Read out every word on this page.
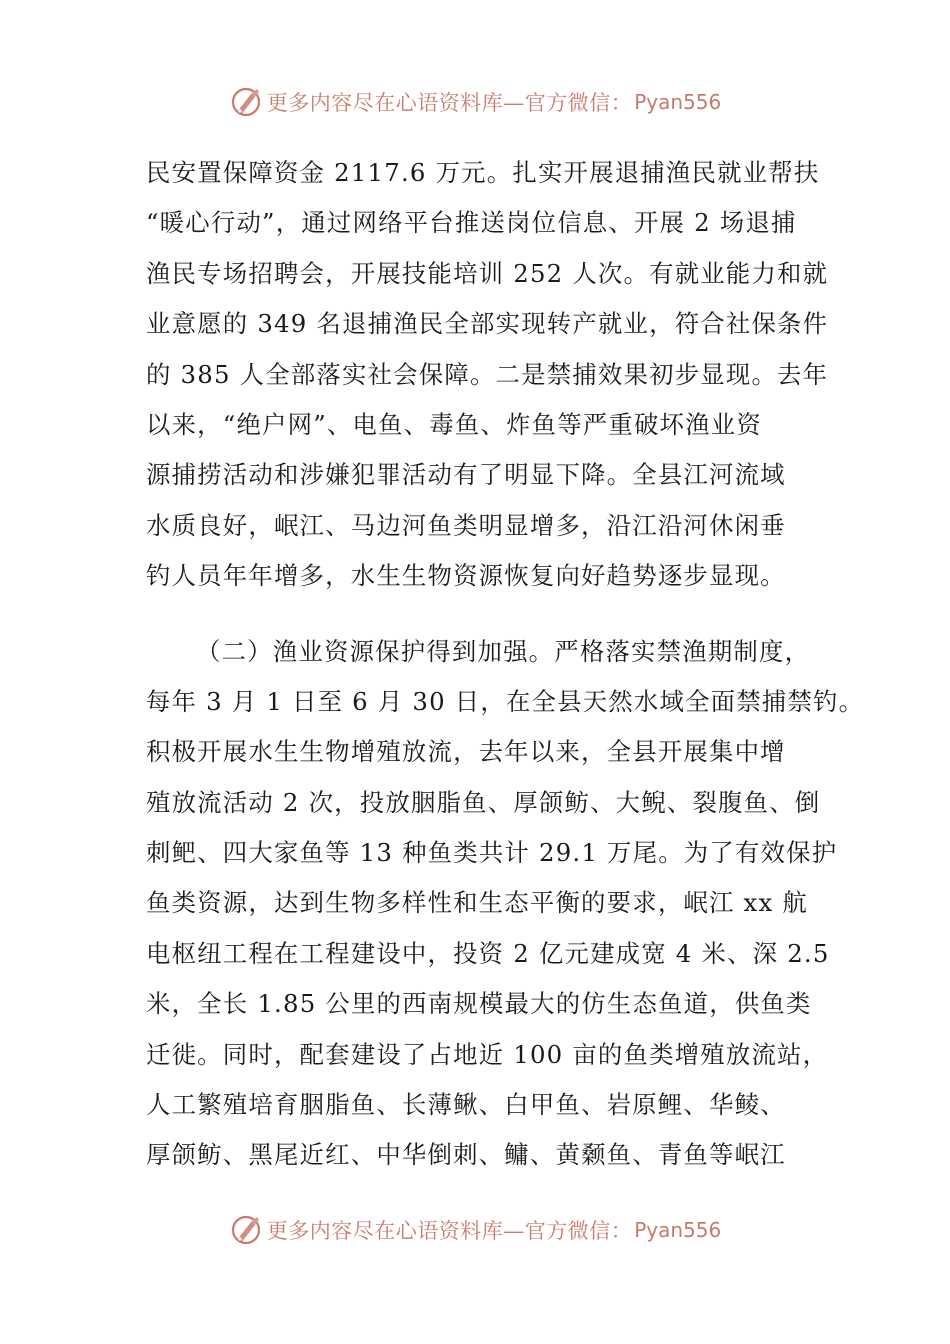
更多内容尽在心语资料库—官方微信： Pyan556
民安置保障资金 2117.6 万元。扎实开展退捕渔民就业帮扶
“暖心行动”，通过网络平台推送岗位信息、开展 2 场退捕
渔民专场招聘会，开展技能培训 252 人次。有就业能力和就
业意愿的 349 名退捕渔民全部实现转产就业，符合社保条件
的 385 人全部落实社会保障。二是禁捕效果初步显现。去年
以来，“绝户网”、电鱼、毒鱼、炸鱼等严重破坏渔业资
源捕捞活动和涉嫌犯罪活动有了明显下降。全县江河流域
水质良好，岷江、马边河鱼类明显增多，沿江沿河休闲垂
钓人员年年增多，水生生物资源恢复向好趋势逐步显现。
（二）渔业资源保护得到加强。严格落实禁渔期制度，
每年 3 月 1 日至 6 月 30 日，在全县天然水域全面禁捕禁钓。
积极开展水生生物增殖放流，去年以来，全县开展集中增
殖放流活动 2 次，投放胭脂鱼、厚颌鲂、大鲵、裂腹鱼、倒
刺鲃、四大家鱼等 13 种鱼类共计 29.1 万尾。为了有效保护
鱼类资源，达到生物多样性和生态平衡的要求，岷江 xx 航
电枢纽工程在工程建设中，投资 2 亿元建成宽 4 米、深 2.5
米，全长 1.85 公里的西南规模最大的仿生态鱼道，供鱼类
迁徙。同时，配套建设了占地近 100 亩的鱼类增殖放流站，
人工繁殖培育胭脂鱼、长薄鳅、白甲鱼、岩原鲤、华鲮、
厚颌鲂、黑尾近红、中华倒刺、鳙、黄颡鱼、青鱼等岷江
更多内容尽在心语资料库—官方微信： Pyan556
